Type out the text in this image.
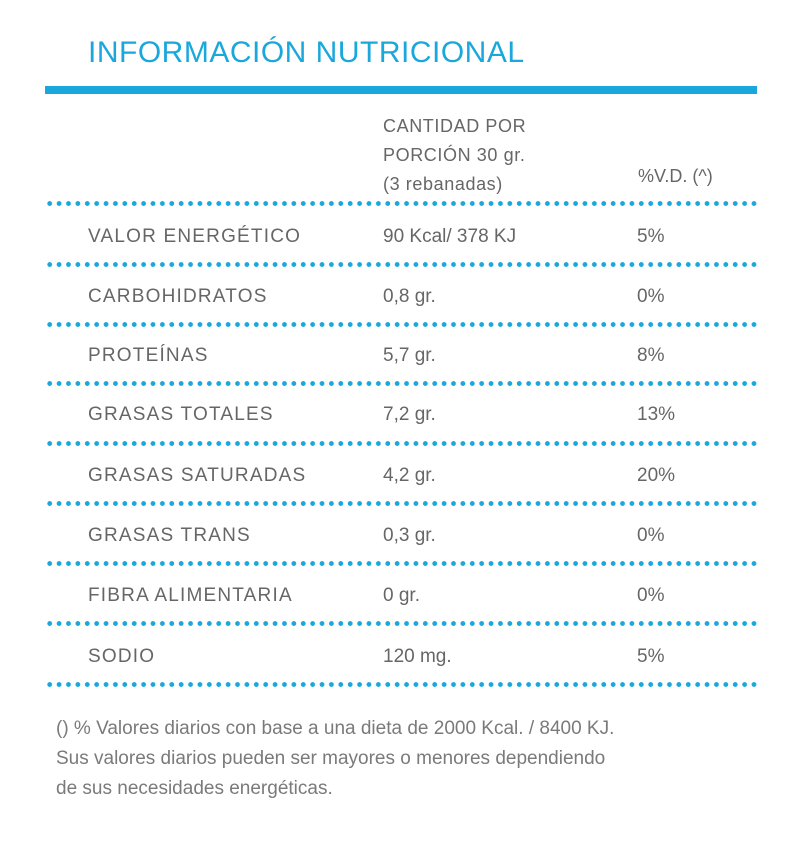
INFORMACIÓN NUTRICIONAL
CANTIDAD POR
PORCIÓN 30 gr.
(3 rebanadas)	%V.D. (^)
VALOR ENERGÉTICO	90 Kcal/ 378 KJ	5%
CARBOHIDRATOS	0,8 gr.	0%
PROTEÍNAS	5,7 gr.	8%
GRASAS TOTALES	7,2 gr.	13%
GRASAS SATURADAS	4,2 gr.	20%
GRASAS TRANS	0,3 gr.	0%
FIBRA ALIMENTARIA	0 gr.	0%
SODIO	120 mg.	5%
() % Valores diarios con base a una dieta de 2000 Kcal. / 8400 KJ.
Sus valores diarios pueden ser mayores o menores dependiendo
de sus necesidades energéticas.
